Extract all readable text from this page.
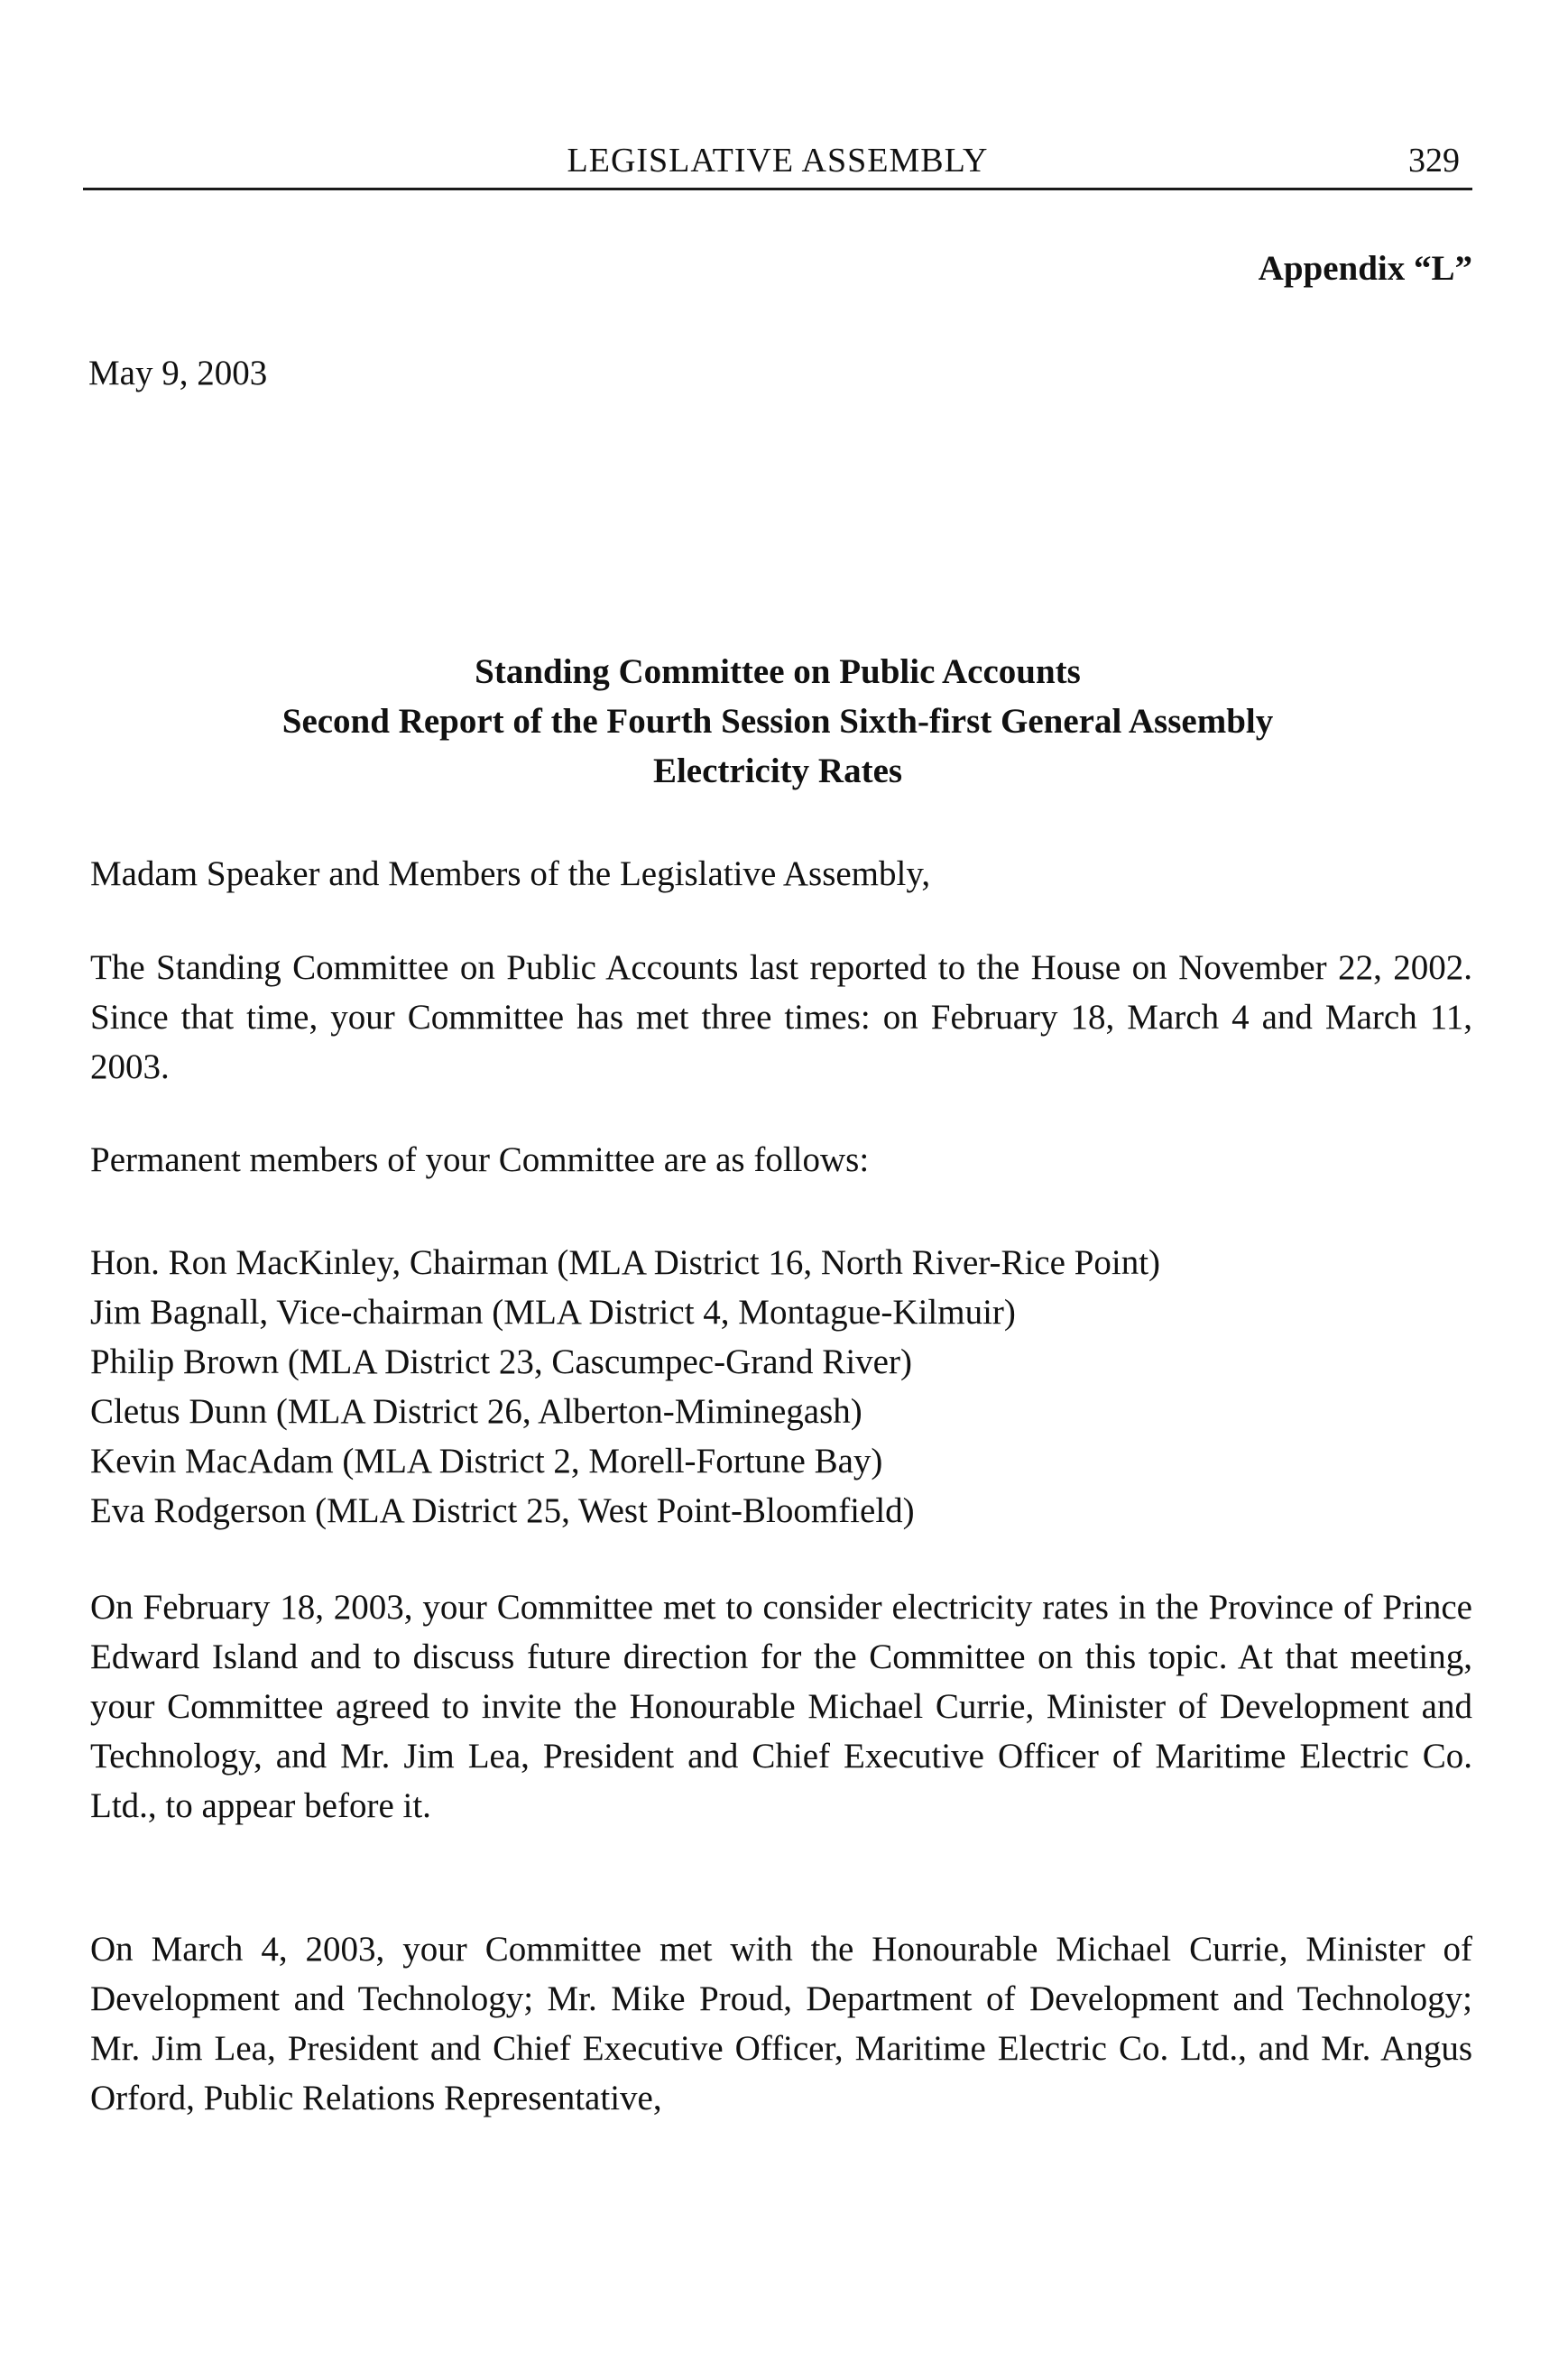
LEGISLATIVE ASSEMBLY	329
Appendix “L”
May 9, 2003
Standing Committee on Public Accounts
Second Report of the Fourth Session Sixth-first General Assembly
Electricity Rates
Madam Speaker and Members of the Legislative Assembly,
The Standing Committee on Public Accounts last reported to the House on November 22, 2002. Since that time, your Committee has met three times: on February 18, March 4 and March 11, 2003.
Permanent members of your Committee are as follows:
Hon. Ron MacKinley, Chairman (MLA District 16, North River-Rice Point)
Jim Bagnall, Vice-chairman (MLA District 4, Montague-Kilmuir)
Philip Brown (MLA District 23, Cascumpec-Grand River)
Cletus Dunn (MLA District 26, Alberton-Miminegash)
Kevin MacAdam (MLA District 2, Morell-Fortune Bay)
Eva Rodgerson (MLA District 25, West Point-Bloomfield)
On February 18, 2003, your Committee met to consider electricity rates in the Province of Prince Edward Island and to discuss future direction for the Committee on this topic. At that meeting, your Committee agreed to invite the Honourable Michael Currie, Minister of Development and Technology, and Mr. Jim Lea, President and Chief Executive Officer of Maritime Electric Co. Ltd., to appear before it.
On March 4, 2003, your Committee met with the Honourable Michael Currie, Minister of Development and Technology; Mr. Mike Proud, Department of Development and Technology; Mr. Jim Lea, President and Chief Executive Officer, Maritime Electric Co. Ltd., and Mr. Angus Orford, Public Relations Representative,
